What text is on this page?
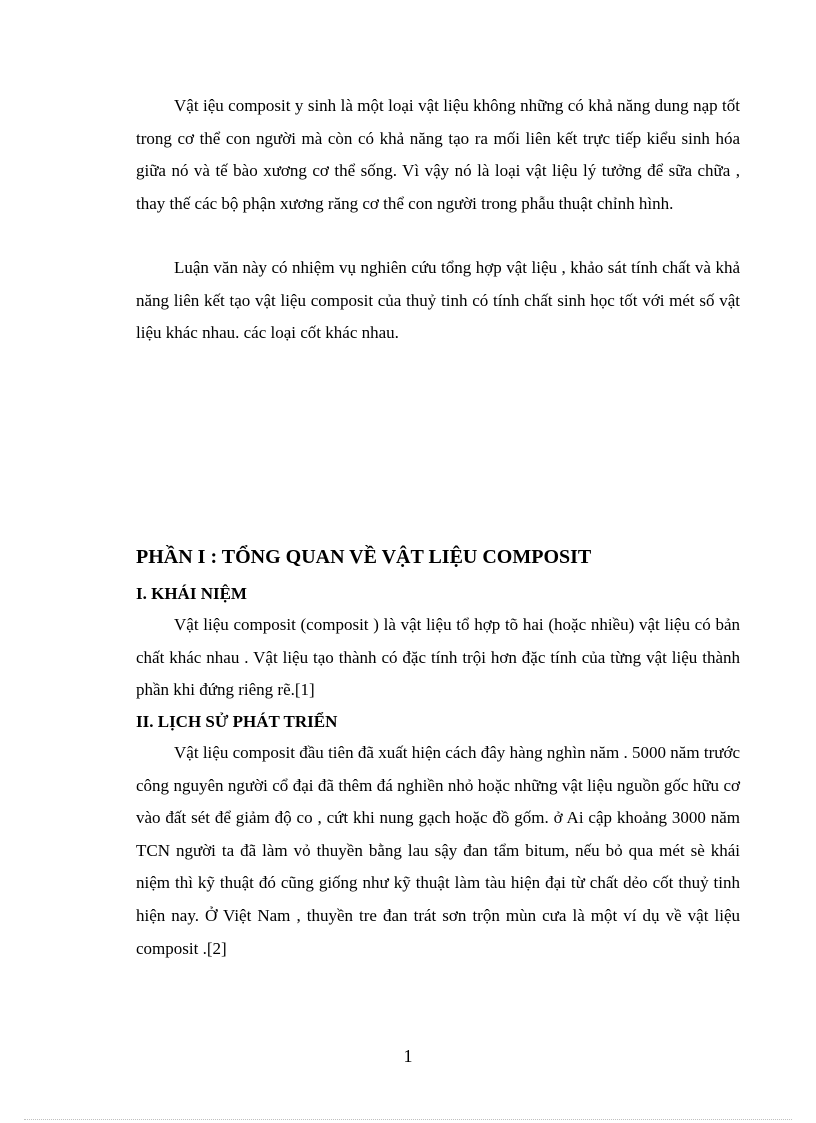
Vật iệu composit y sinh là một loại vật liệu không những có khả năng dung nạp tốt trong cơ thể con người mà còn có khả năng tạo ra mối liên kết trực tiếp kiểu sinh hóa giữa nó và tế bào xương cơ thể sống. Vì vậy nó là loại vật liệu lý tưởng để sữa chữa , thay thế các bộ phận xương răng cơ thể con người trong phẫu thuật chỉnh hình.

Luận văn này có nhiệm vụ nghiên cứu tổng hợp vật liệu , khảo sát tính chất và khả năng liên kết tạo vật liệu composit của thuỷ tinh có tính chất sinh học tốt với mét số vật liệu khác nhau. các loại cốt khác nhau.

PHẦN I : TỔNG QUAN VỀ VẬT LIỆU COMPOSIT
I. KHÁI NIỆM

Vật liệu composit (composit ) là vật liệu tổ hợp tõ hai (hoặc nhiều) vật liệu có bản chất khác nhau . Vật liệu tạo thành có đặc tính trội hơn đặc tính của từng vật liệu thành phần khi đứng riêng rẽ.[1]

II. LỊCH SỬ PHÁT TRIỂN

Vật liệu composit đầu tiên đã xuất hiện cách đây hàng nghìn năm . 5000 năm trước công nguyên người cổ đại đã thêm đá nghiền nhỏ hoặc những vật liệu nguồn gốc hữu cơ vào đất sét để giảm độ co , cứt khi nung gạch hoặc đồ gốm. ở Ai cập khoảng 3000 năm TCN người ta đã làm vỏ thuyền bằng lau sậy đan tẩm bitum, nếu bỏ qua mét sè khái niệm thì kỹ thuật đó cũng giống như kỹ thuật làm tàu hiện đại từ chất dẻo cốt thuỷ tinh hiện nay. Ở Việt Nam , thuyền tre đan trát sơn trộn mùn cưa là một ví dụ về vật liệu composit .[2]

1
